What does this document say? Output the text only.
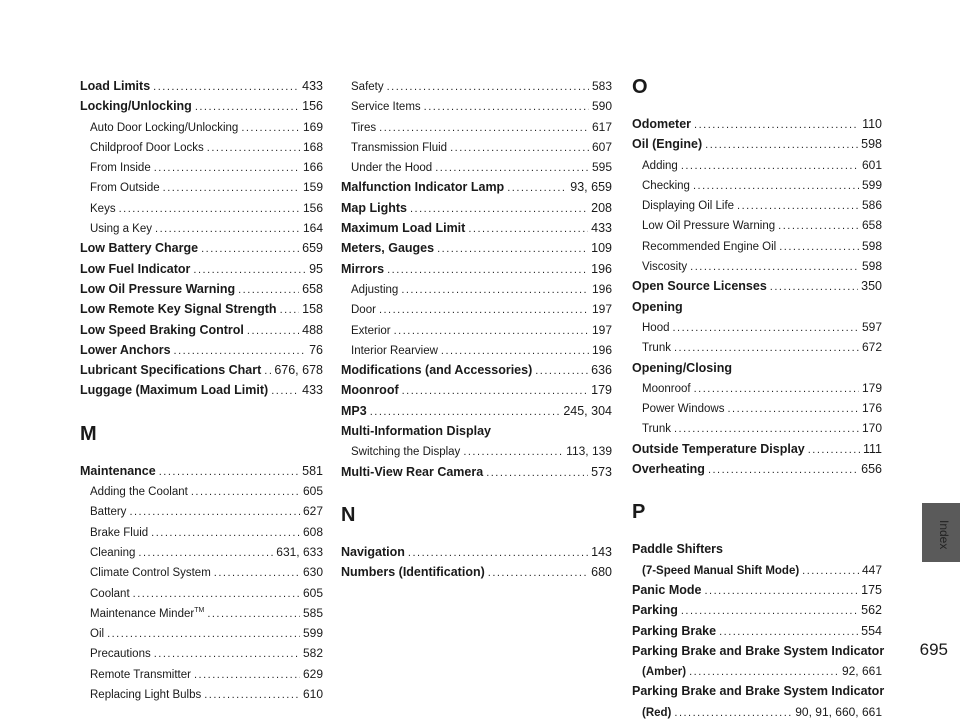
Load Limits .....	433
Locking/Unlocking .....	156
Auto Door Locking/Unlocking .....	169
Childproof Door Locks .....	168
From Inside .....	166
From Outside .....	159
Keys .....	156
Using a Key .....	164
Low Battery Charge .....	659
Low Fuel Indicator .....	95
Low Oil Pressure Warning .....	658
Low Remote Key Signal Strength ..... 158
Low Speed Braking Control .....	488
Lower Anchors .....	76
Lubricant Specifications Chart ..... 676, 678
Luggage (Maximum Load Limit) .....	433
M
Maintenance .....	581
Adding the Coolant .....	605
Battery .....	627
Brake Fluid .....	608
Cleaning .....	631, 633
Climate Control System .....	630
Coolant .....	605
Maintenance Minder™ .....	585
Oil .....	599
Precautions .....	582
Remote Transmitter .....	629
Replacing Light Bulbs .....	610
Safety .....	583
Service Items .....	590
Tires .....	617
Transmission Fluid .....	607
Under the Hood .....	595
Malfunction Indicator Lamp .....	93, 659
Map Lights .....	208
Maximum Load Limit .....	433
Meters, Gauges .....	109
Mirrors .....	196
Adjusting .....	196
Door .....	197
Exterior .....	197
Interior Rearview .....	196
Modifications (and Accessories) .....	636
Moonroof .....	179
MP3 .....	245, 304
Multi-Information Display
Switching the Display .....	113, 139
Multi-View Rear Camera .....	573
N
Navigation .....	143
Numbers (Identification) .....	680
O
Odometer .....	110
Oil (Engine) .....	598
Adding .....	601
Checking .....	599
Displaying Oil Life .....	586
Low Oil Pressure Warning .....	658
Recommended Engine Oil .....	598
Viscosity .....	598
Open Source Licenses .....	350
Opening
Hood .....	597
Trunk .....	672
Opening/Closing
Moonroof .....	179
Power Windows .....	176
Trunk .....	170
Outside Temperature Display .....	111
Overheating .....	656
P
Paddle Shifters
(7-Speed Manual Shift Mode) .....	447
Panic Mode .....	175
Parking .....	562
Parking Brake .....	554
Parking Brake and Brake System Indicator
(Amber) .....	92, 661
Parking Brake and Brake System Indicator
(Red) .....	90, 91, 660, 661
Index
695
